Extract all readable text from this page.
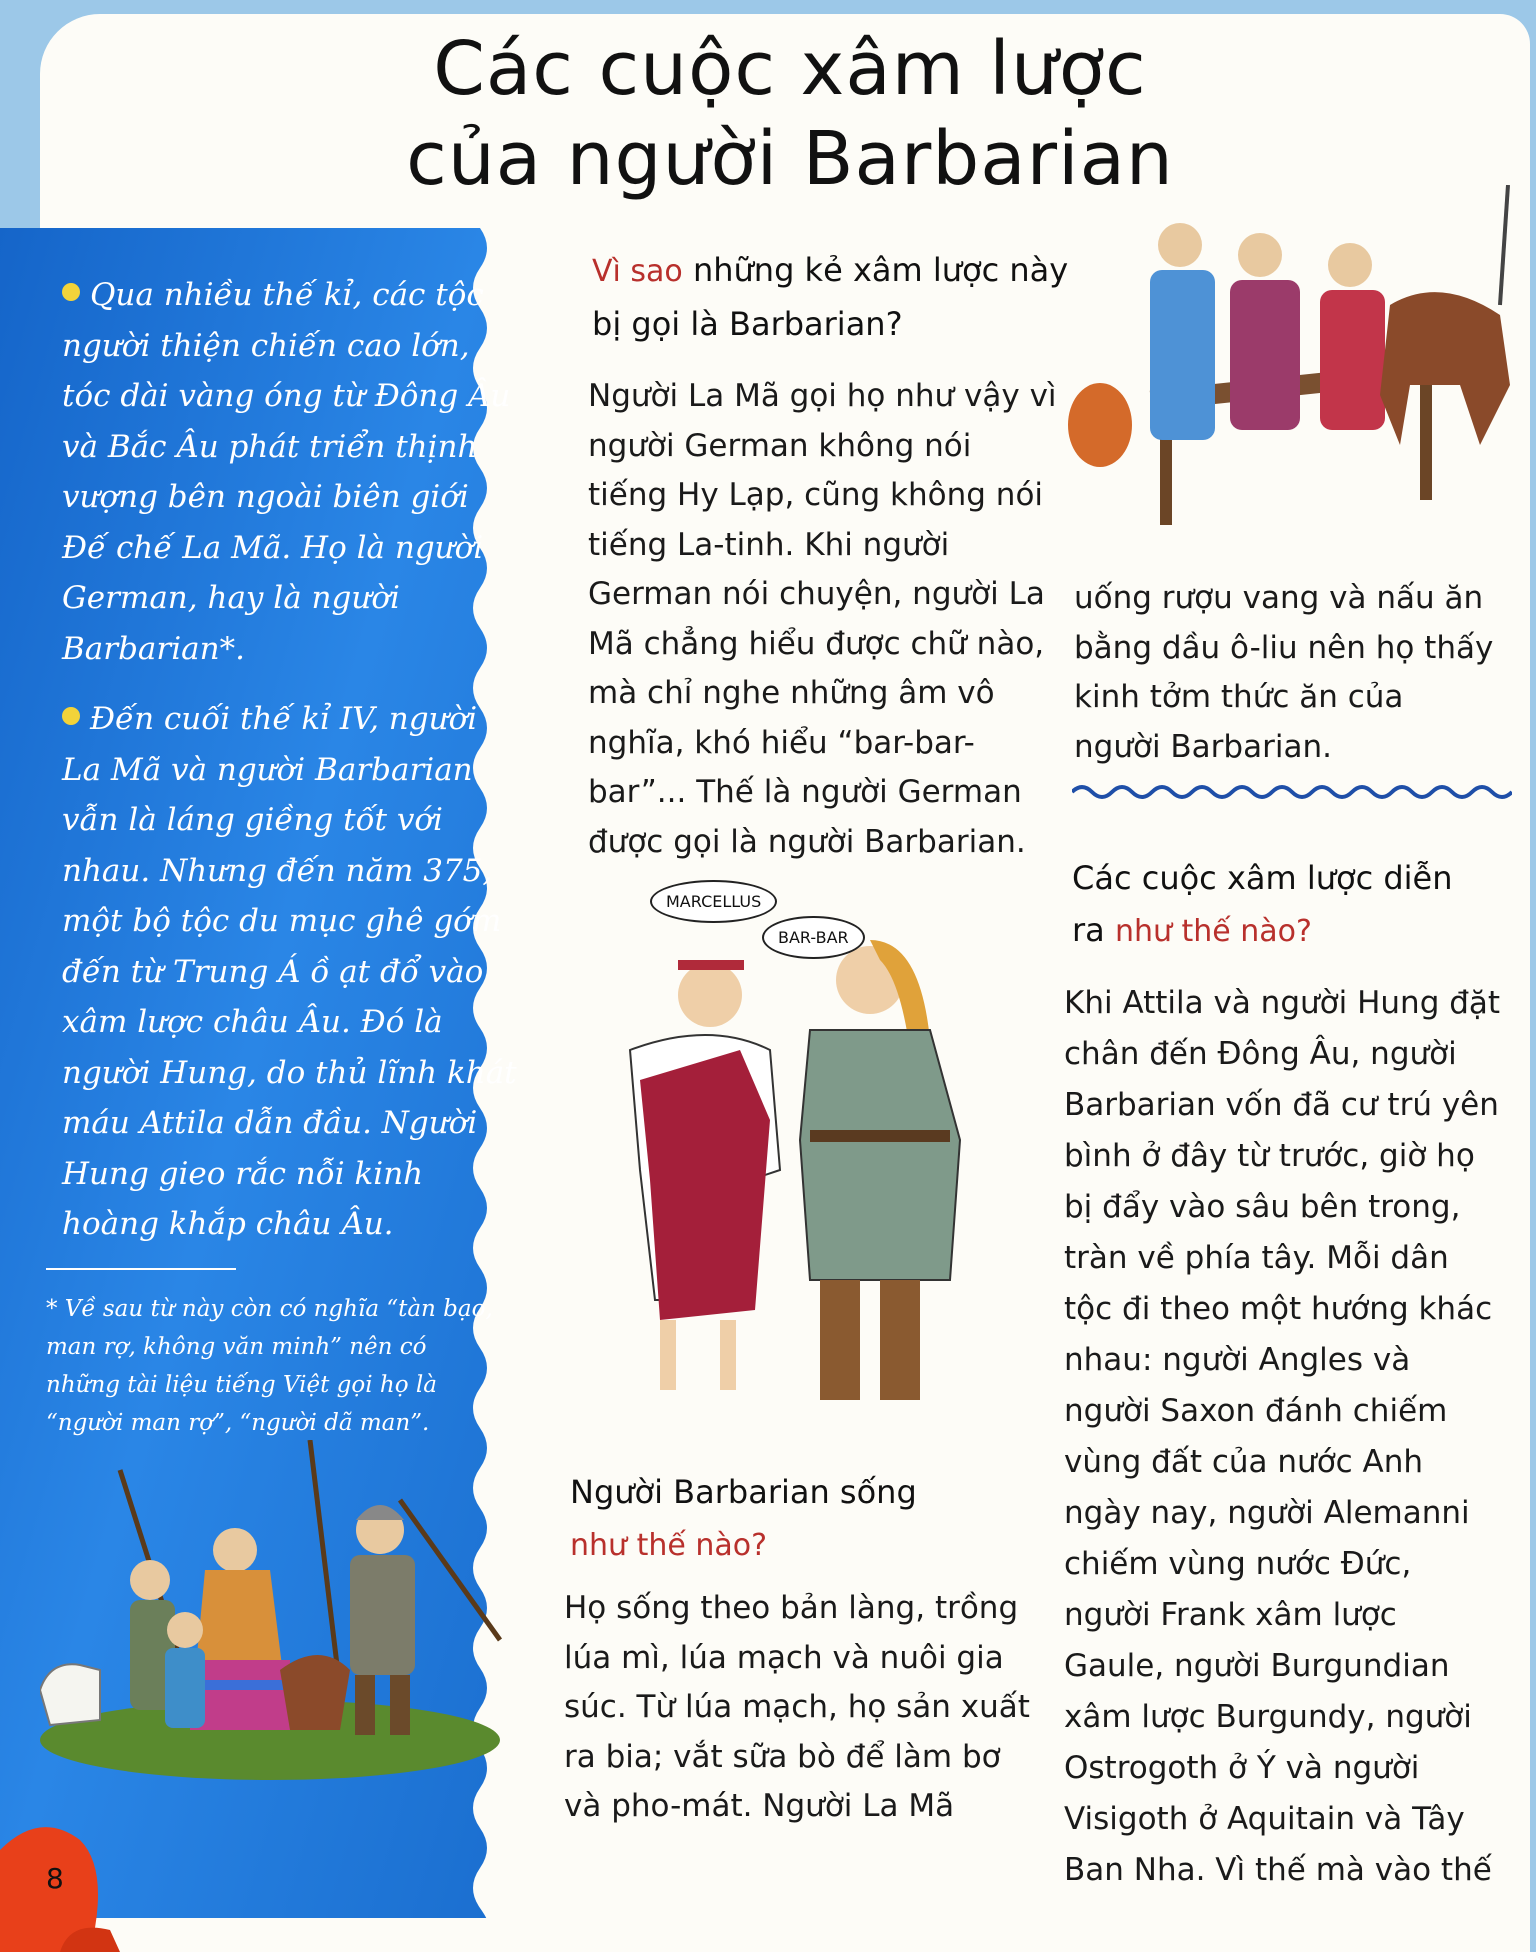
Các cuộc xâm lược
của người Barbarian

Qua nhiều thế kỉ, các tộc người thiện chiến cao lớn, tóc dài vàng óng từ Đông Âu và Bắc Âu phát triển thịnh vượng bên ngoài biên giới Đế chế La Mã. Họ là người German, hay là người Barbarian*.

Đến cuối thế kỉ IV, người La Mã và người Barbarian vẫn là láng giềng tốt với nhau. Nhưng đến năm 375, một bộ tộc du mục ghê gớm đến từ Trung Á ồ ạt đổ vào xâm lược châu Âu. Đó là người Hung, do thủ lĩnh khát máu Attila dẫn đầu. Người Hung gieo rắc nỗi kinh hoàng khắp châu Âu.

* Về sau từ này còn có nghĩa “tàn bạo, man rợ, không văn minh” nên có những tài liệu tiếng Việt gọi họ là “người man rợ”, “người dã man”.
8
Vì sao những kẻ xâm lược này bị gọi là Barbarian?
Người La Mã gọi họ như vậy vì người German không nói tiếng Hy Lạp, cũng không nói tiếng La-tinh. Khi người German nói chuyện, người La Mã chẳng hiểu được chữ nào, mà chỉ nghe những âm vô nghĩa, khó hiểu “bar-bar-bar”... Thế là người German được gọi là người Barbarian.
uống rượu vang và nấu ăn bằng dầu ô-liu nên họ thấy kinh tởm thức ăn của người Barbarian.
MARCELLUS
BAR-BAR
Người Barbarian sống như thế nào?
Họ sống theo bản làng, trồng lúa mì, lúa mạch và nuôi gia súc. Từ lúa mạch, họ sản xuất ra bia; vắt sữa bò để làm bơ và pho-mát. Người La Mã
Các cuộc xâm lược diễn ra như thế nào?
Khi Attila và người Hung đặt chân đến Đông Âu, người Barbarian vốn đã cư trú yên bình ở đây từ trước, giờ họ bị đẩy vào sâu bên trong, tràn về phía tây. Mỗi dân tộc đi theo một hướng khác nhau: người Angles và người Saxon đánh chiếm vùng đất của nước Anh ngày nay, người Alemanni chiếm vùng nước Đức, người Frank xâm lược Gaule, người Burgundian xâm lược Burgundy, người Ostrogoth ở Ý và người Visigoth ở Aquitain và Tây Ban Nha. Vì thế mà vào thế
